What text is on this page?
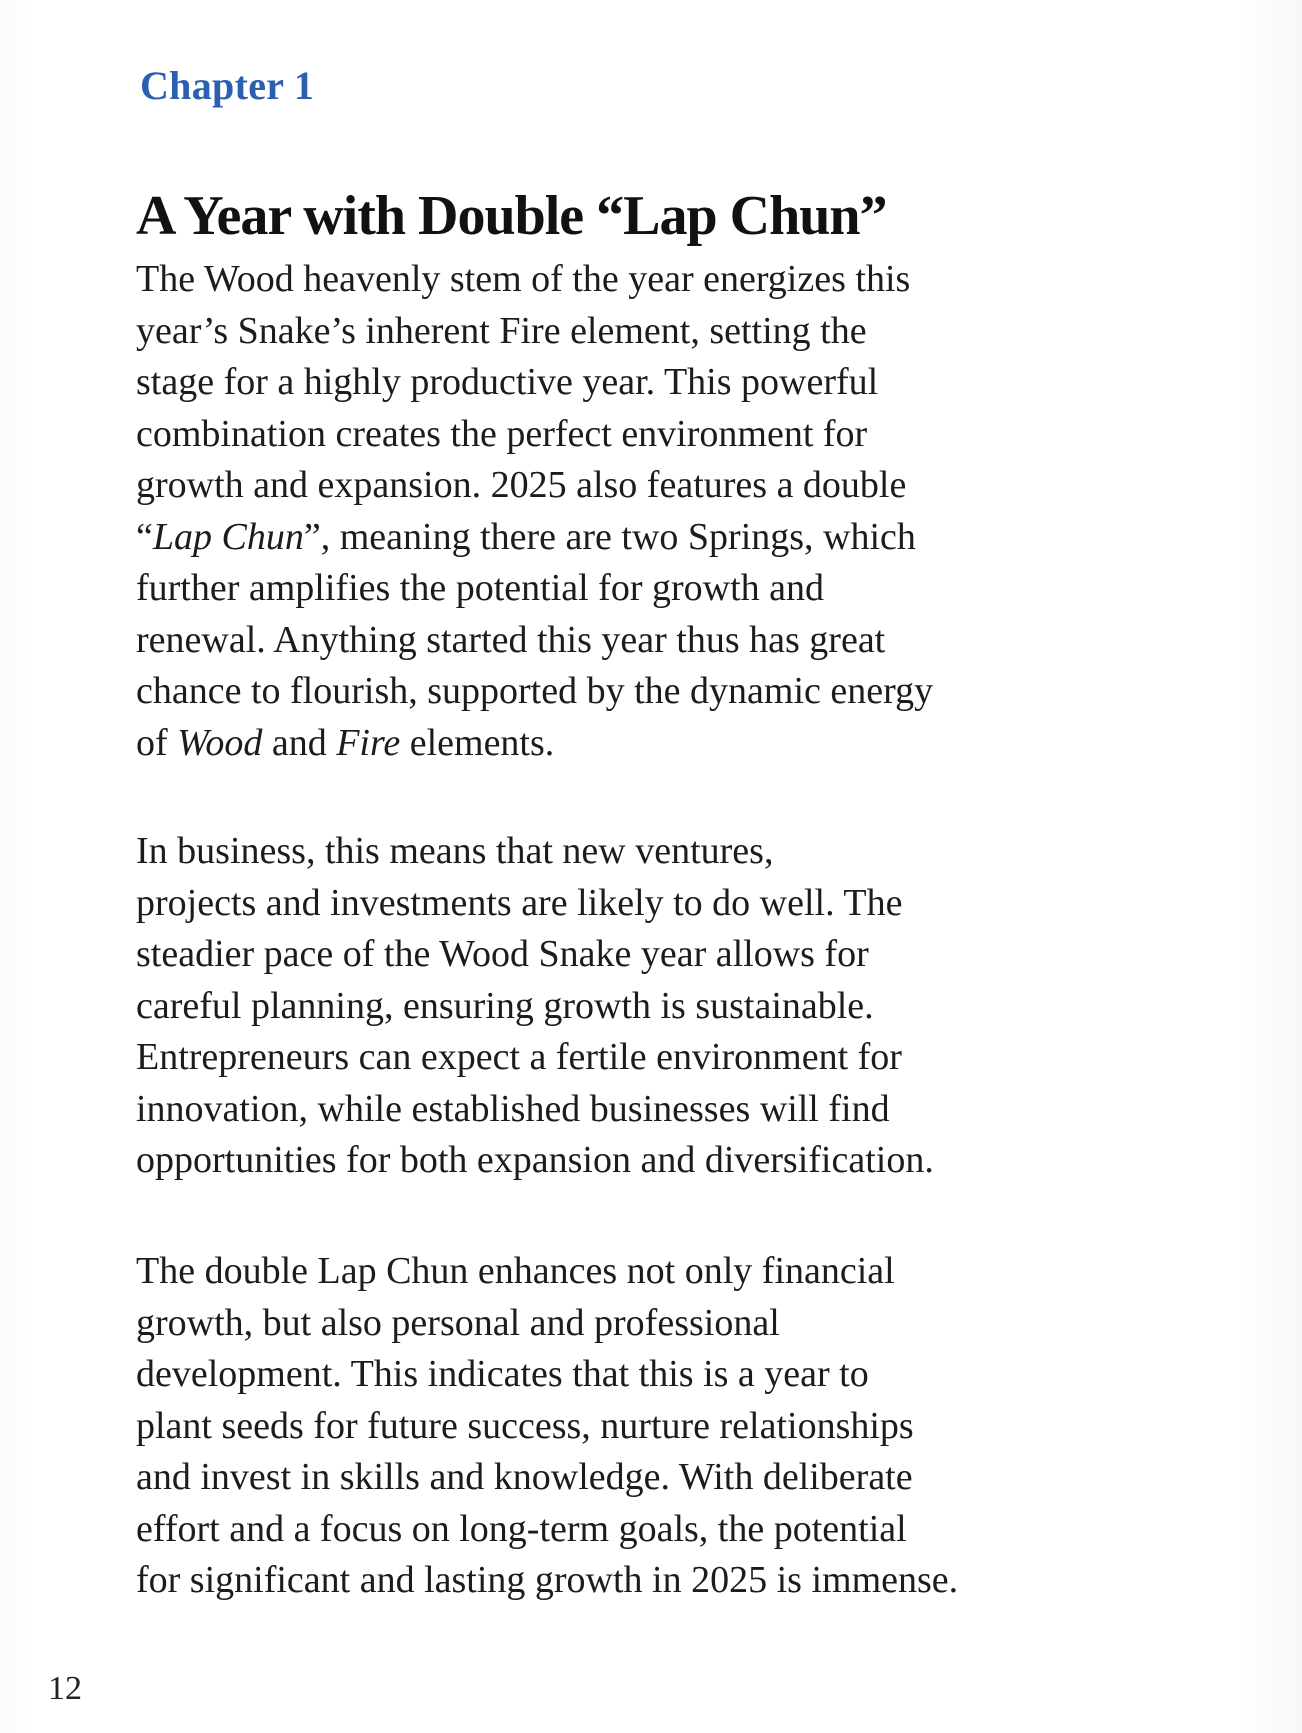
Chapter 1
A Year with Double “Lap Chun”
The Wood heavenly stem of the year energizes this
year’s Snake’s inherent Fire element, setting the
stage for a highly productive year. This powerful
combination creates the perfect environment for
growth and expansion. 2025 also features a double
“Lap Chun”, meaning there are two Springs, which
further amplifies the potential for growth and
renewal. Anything started this year thus has great
chance to flourish, supported by the dynamic energy
of Wood and Fire elements.
In business, this means that new ventures,
projects and investments are likely to do well. The
steadier pace of the Wood Snake year allows for
careful planning, ensuring growth is sustainable.
Entrepreneurs can expect a fertile environment for
innovation, while established businesses will find
opportunities for both expansion and diversification.
The double Lap Chun enhances not only financial
growth, but also personal and professional
development. This indicates that this is a year to
plant seeds for future success, nurture relationships
and invest in skills and knowledge. With deliberate
effort and a focus on long-term goals, the potential
for significant and lasting growth in 2025 is immense.
12
